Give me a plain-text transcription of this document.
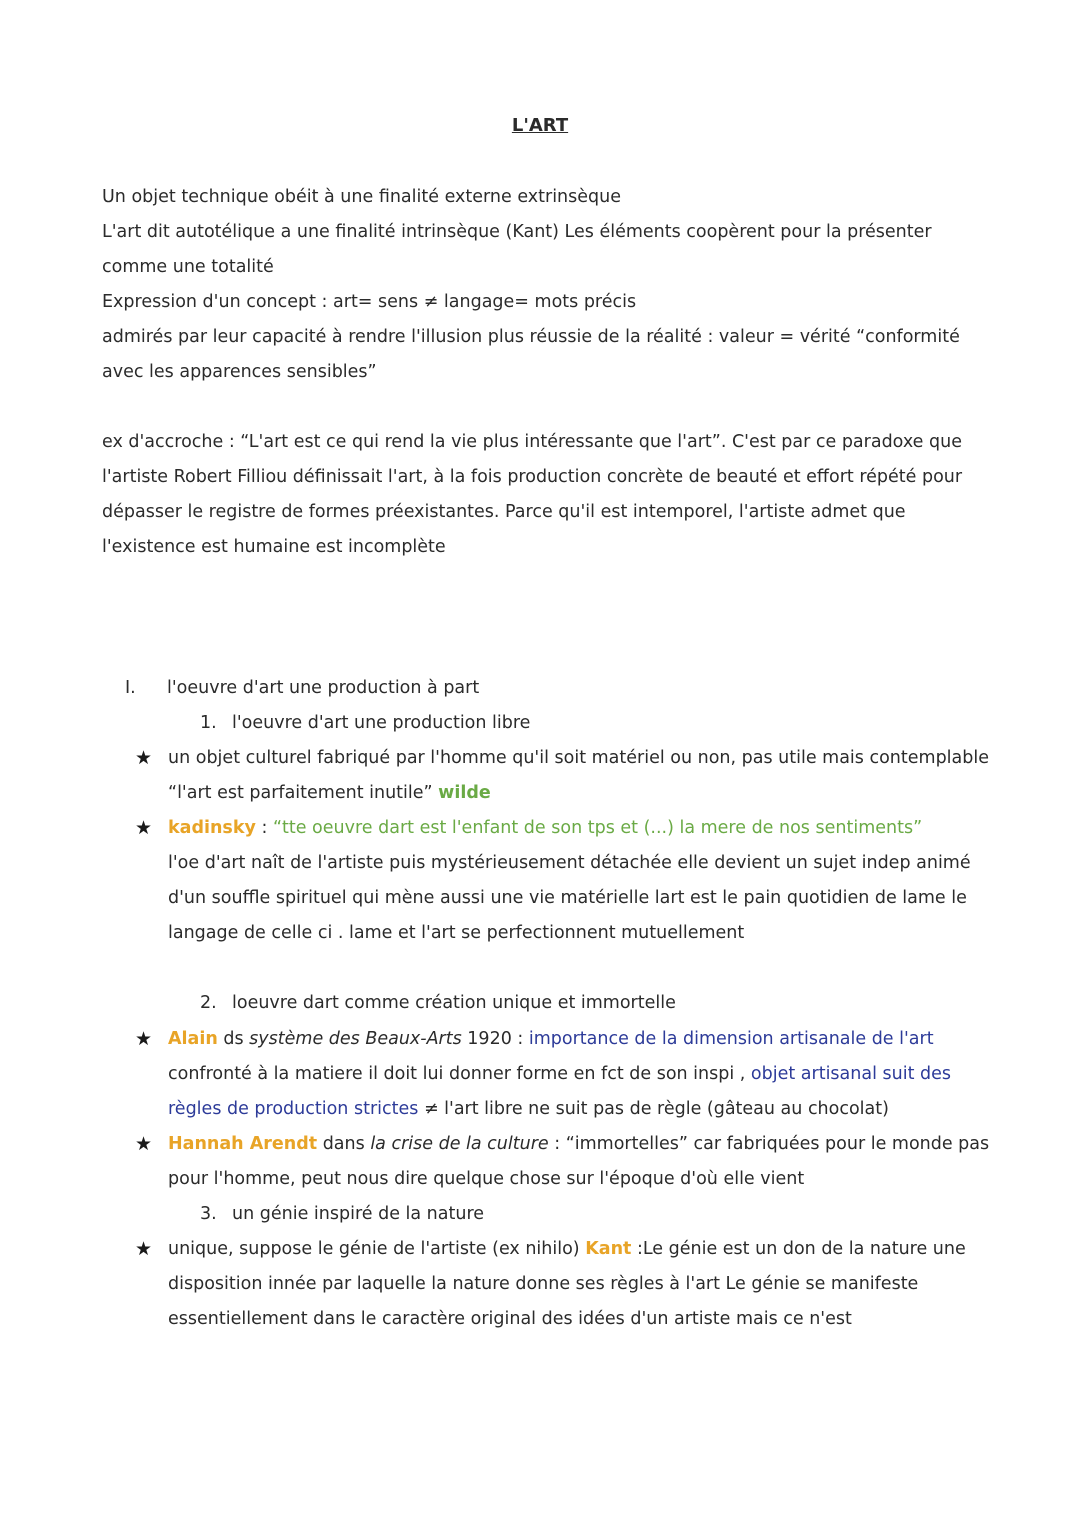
L'ART

Un objet technique obéit à une finalité externe extrinsèque

L'art dit autotélique a une finalité intrinsèque (Kant) Les éléments coopèrent pour la présenter comme une totalité

Expression d'un concept : art= sens ≠ langage= mots précis

admirés par leur capacité à rendre l'illusion plus réussie de la réalité : valeur = vérité “conformité avec les apparences sensibles”

ex d'accroche : “L'art est ce qui rend la vie plus intéressante que l'art”. C'est par ce paradoxe que l'artiste Robert Filliou définissait l'art, à la fois production concrète de beauté et effort répété pour dépasser le registre de formes préexistantes. Parce qu'il est intemporel, l'artiste admet que l'existence est humaine est incomplète

I. l'oeuvre d'art une production à part
1. l'oeuvre d'art une production libre
★ un objet culturel fabriqué par l'homme qu'il soit matériel ou non, pas utile mais contemplable “l'art est parfaitement inutile” wilde
★ kadinsky : “tte oeuvre dart est l'enfant de son tps et (...) la mere de nos sentiments”
l'oe d'art naît de l'artiste puis mystérieusement détachée elle devient un sujet indep animé d'un souffle spirituel qui mène aussi une vie matérielle lart est le pain quotidien de lame le langage de celle ci . lame et l'art se perfectionnent mutuellement
2. loeuvre dart comme création unique et immortelle
★ Alain ds système des Beaux-Arts 1920 : importance de la dimension artisanale de l'art confronté à la matiere il doit lui donner forme en fct de son inspi , objet artisanal suit des règles de production strictes ≠ l'art libre ne suit pas de règle (gâteau au chocolat)
★ Hannah Arendt dans la crise de la culture : “immortelles” car fabriquées pour le monde pas pour l'homme, peut nous dire quelque chose sur l'époque d'où elle vient
3. un génie inspiré de la nature
★ unique, suppose le génie de l'artiste (ex nihilo) Kant :Le génie est un don de la nature une disposition innée par laquelle la nature donne ses règles à l'art Le génie se manifeste essentiellement dans le caractère original des idées d'un artiste mais ce n'est
